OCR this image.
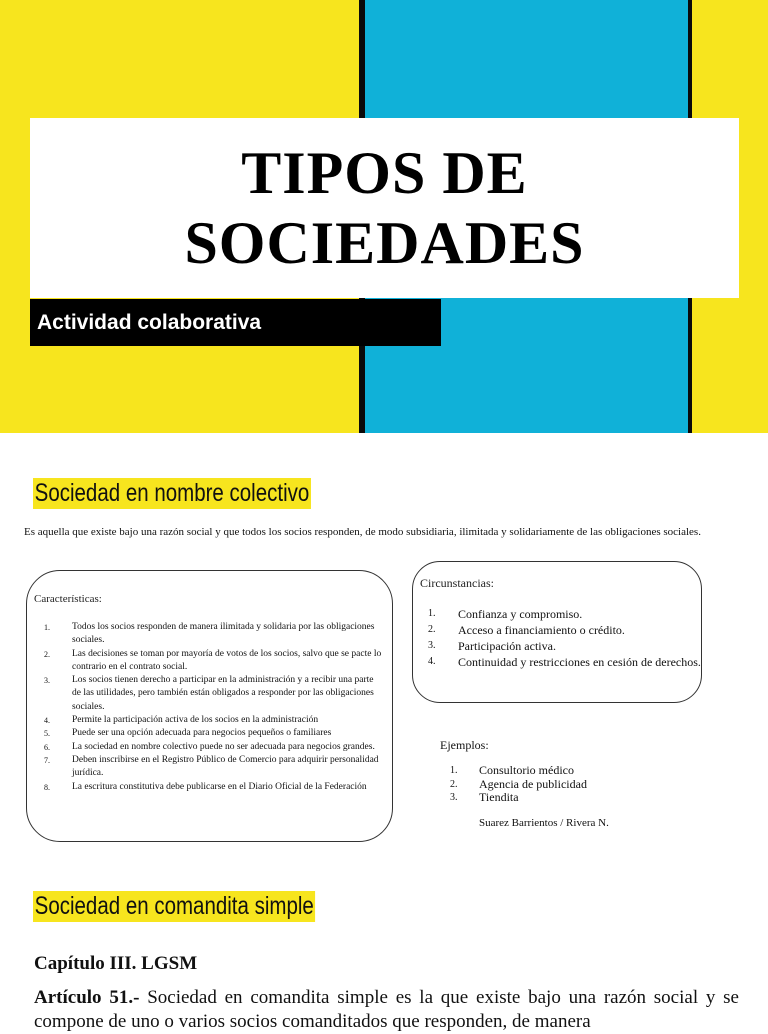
TIPOS DE
SOCIEDADES
Actividad colaborativa
Sociedad en nombre colectivo

Es aquella que existe bajo una razón social y que todos los socios responden, de modo subsidiaria, ilimitada y solidariamente de las obligaciones sociales.

Características:

1. Todos los socios responden de manera ilimitada y solidaria por las obligaciones sociales.
2. Las decisiones se toman por mayoría de votos de los socios, salvo que se pacte lo contrario en el contrato social.
3. Los socios tienen derecho a participar en la administración y a recibir una parte de las utilidades, pero también están obligados a responder por las obligaciones sociales.
4. Permite la participación activa de los socios en la administración
5. Puede ser una opción adecuada para negocios pequeños o familiares
6. La sociedad en nombre colectivo puede no ser adecuada para negocios grandes.
7. Deben inscribirse en el Registro Público de Comercio para adquirir personalidad jurídica.
8. La escritura constitutiva debe publicarse en el Diario Oficial de la Federación

Circunstancias:

1. Confianza y compromiso.
2. Acceso a financiamiento o crédito.
3. Participación activa.
4. Continuidad y restricciones en cesión de derechos.

Ejemplos:

1. Consultorio médico
2. Agencia de publicidad
3. Tiendita

Suarez Barrientos / Rivera N.

Sociedad en comandita simple

Capítulo III. LGSM

Artículo 51.- Sociedad en comandita simple es la que existe bajo una razón social y se compone de uno o varios socios comanditados que responden, de manera
